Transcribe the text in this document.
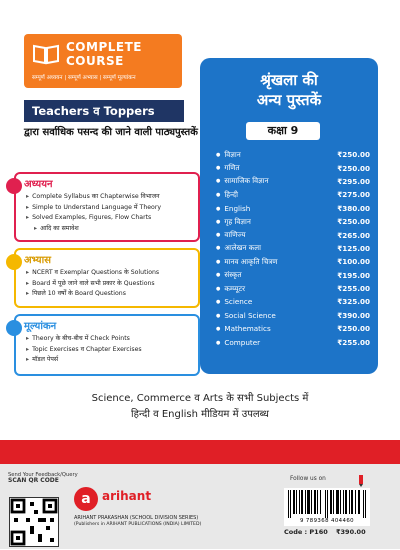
COMPLETE
COURSE
सम्पूर्ण अध्ययन | सम्पूर्ण अभ्यास | सम्पूर्ण मूल्यांकन
Teachers व Toppers
द्वारा सर्वाधिक पसन्द की जाने वाली पाठ्यपुस्तकें
अध्ययन
▸ Complete Syllabus का Chapterwise विभाजन
▸ Simple to Understand Language में Theory
▸ Solved Examples, Figures, Flow Charts
▸ आदि का समावेश
अभ्यास
▸ NCERT व Exemplar Questions के Solutions
▸ Board में पूछे जाने वाले सभी प्रकार के Questions
▸ पिछले 10 वर्षों के Board Questions
मूल्यांकन
▸ Theory के बीच-बीच में Check Points
▸ Topic Exercises व Chapter Exercises
▸ मॉडल पेपर्स
श्रृंखला की
अन्य पुस्तकें
कक्षा 9
● विज्ञान	₹250.00
● गणित	₹250.00
● सामाजिक विज्ञान	₹295.00
● हिन्दी	₹275.00
● English	₹380.00
● गृह विज्ञान	₹250.00
● वाणिज्य	₹265.00
● आलेखन कला	₹125.00
● मानव आकृति चित्रण	₹100.00
● संस्कृत	₹195.00
● कम्प्यूटर	₹255.00
● Science	₹325.00
● Social Science	₹390.00
● Mathematics	₹250.00
● Computer	₹255.00
Science, Commerce व Arts के सभी Subjects में
हिन्दी व English मीडियम में उपलब्ध
Send Your Feedback/Query
SCAN QR CODE
a arihant
ARIHANT PRAKASHAN (SCHOOL DIVISION SERIES)
(Publishers in ARIHANT PUBLICATIONS (INDIA) LIMITED)
Follow us on
9 789368 404460
Code : P160 ₹390.00
